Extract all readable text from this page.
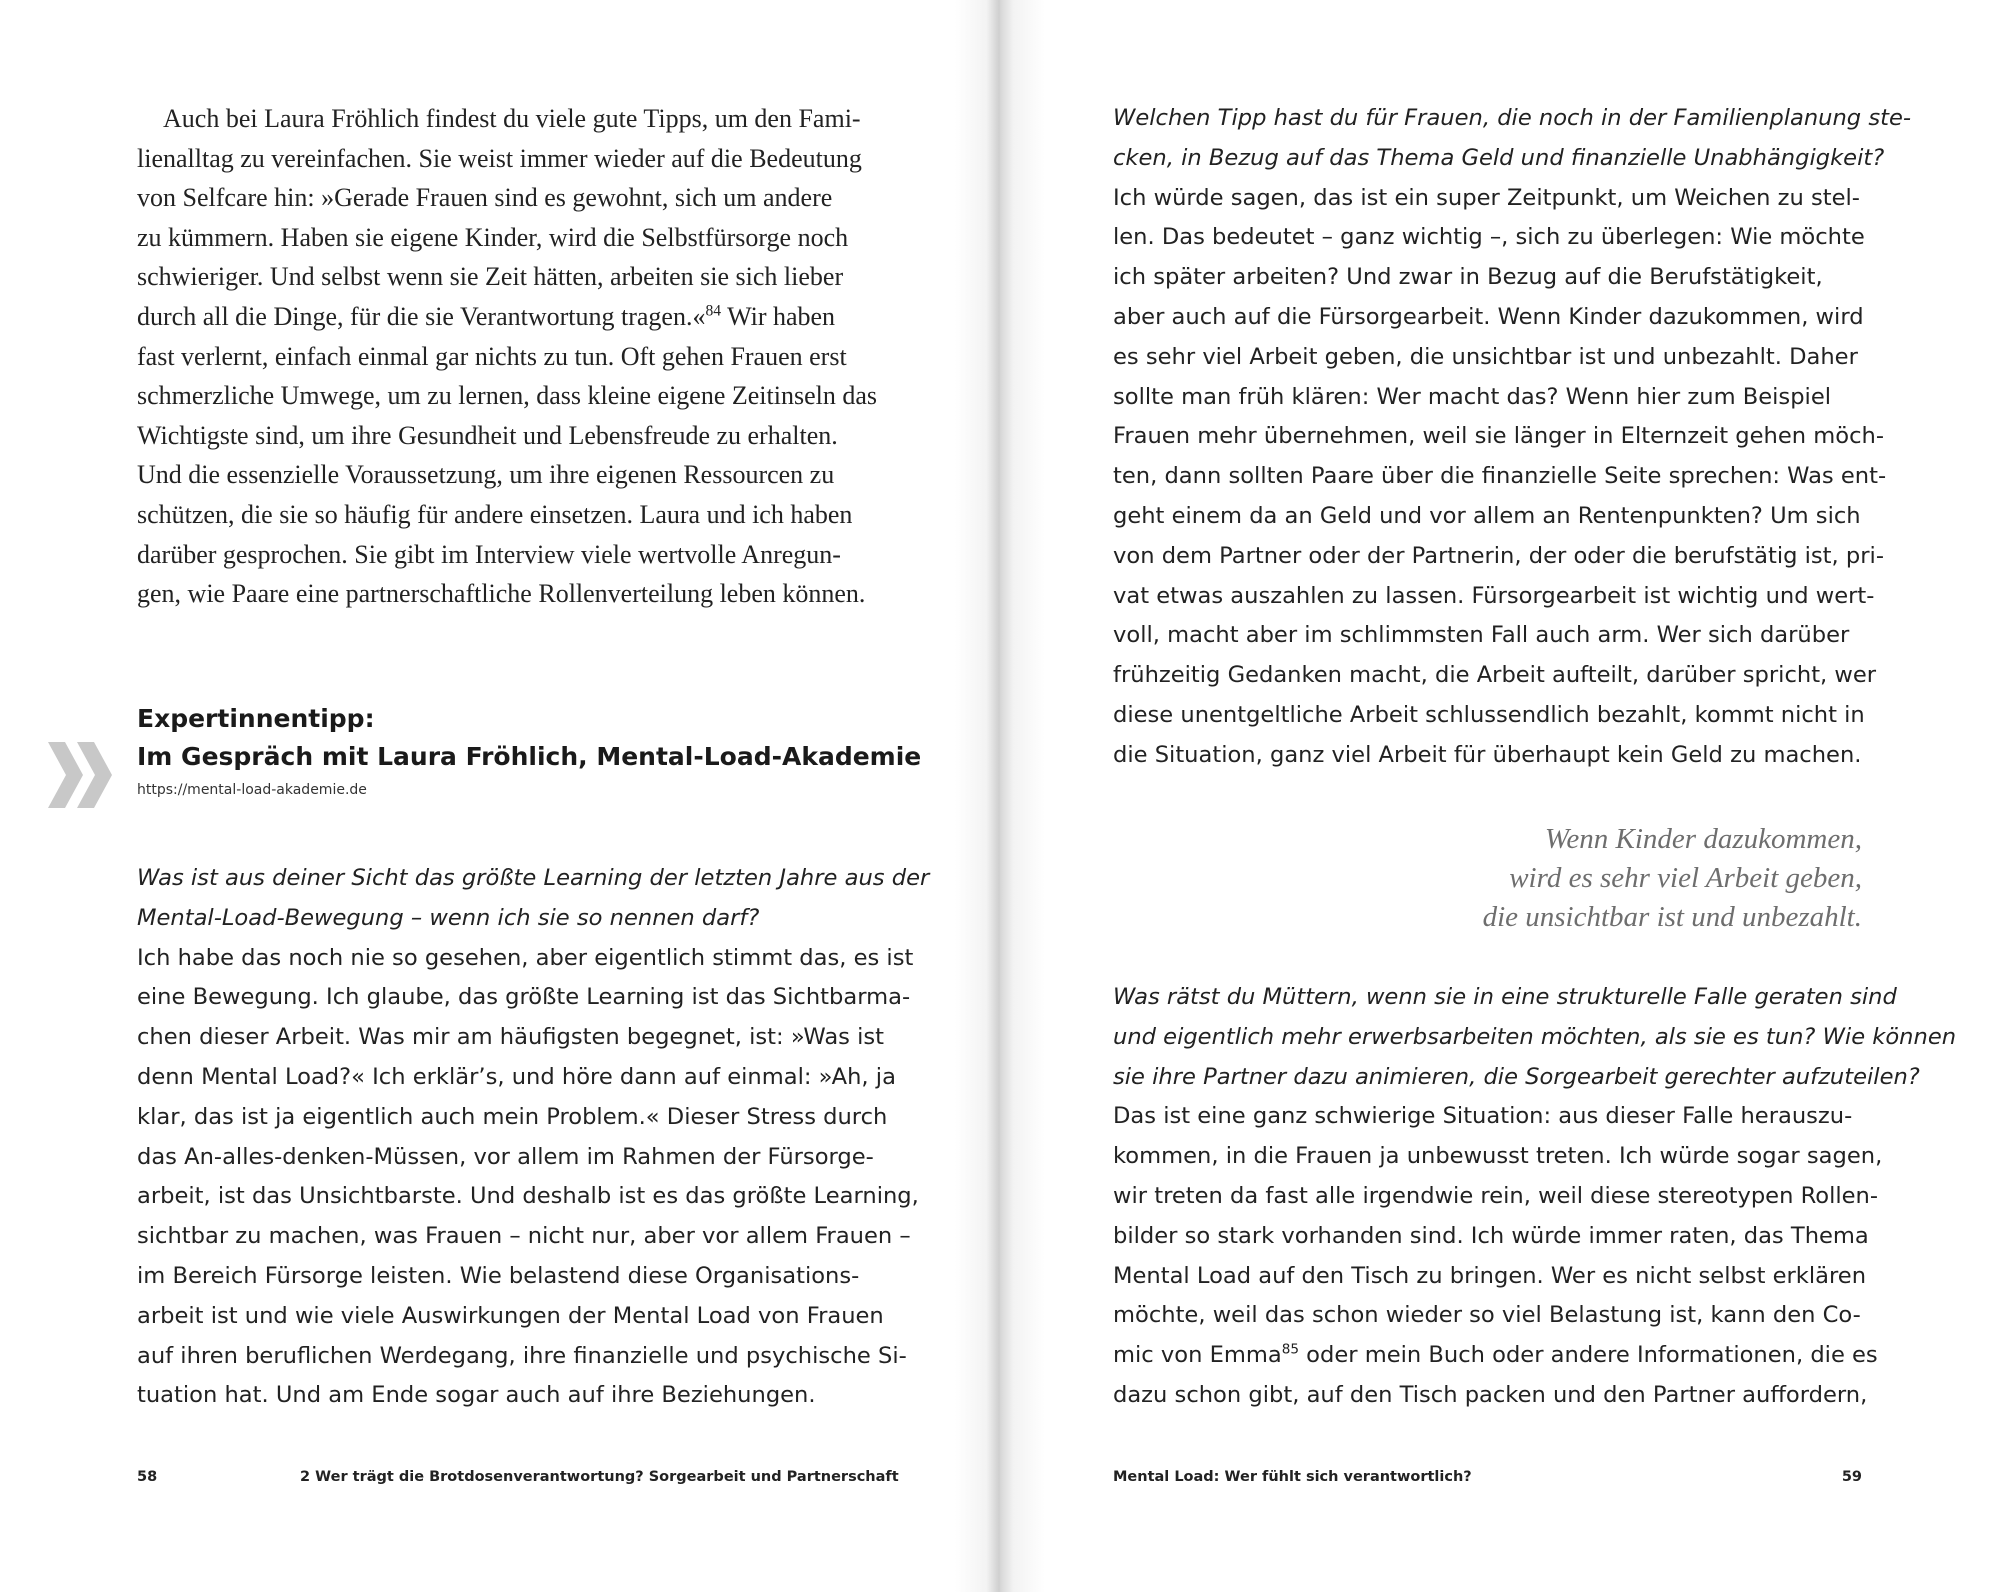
Auch bei Laura Fröhlich findest du viele gute Tipps, um den Fami-
lienalltag zu vereinfachen. Sie weist immer wieder auf die Bedeutung
von Selfcare hin: »Gerade Frauen sind es gewohnt, sich um andere
zu kümmern. Haben sie eigene Kinder, wird die Selbstfürsorge noch
schwieriger. Und selbst wenn sie Zeit hätten, arbeiten sie sich lieber
durch all die Dinge, für die sie Verantwortung tragen.«$^{84}$ Wir haben
fast verlernt, einfach einmal gar nichts zu tun. Oft gehen Frauen erst
schmerzliche Umwege, um zu lernen, dass kleine eigene Zeitinseln das
Wichtigste sind, um ihre Gesundheit und Lebensfreude zu erhalten.
Und die essenzielle Voraussetzung, um ihre eigenen Ressourcen zu
schützen, die sie so häufig für andere einsetzen. Laura und ich haben
darüber gesprochen. Sie gibt im Interview viele wertvolle Anregun-
gen, wie Paare eine partnerschaftliche Rollenverteilung leben können.
Expertinnentipp:
Im Gespräch mit Laura Fröhlich, Mental-Load-Akademie
https://mental-load-akademie.de
Was ist aus deiner Sicht das größte Learning der letzten Jahre aus der
Mental-Load-Bewegung – wenn ich sie so nennen darf?
Ich habe das noch nie so gesehen, aber eigentlich stimmt das, es ist
eine Bewegung. Ich glaube, das größte Learning ist das Sichtbarma-
chen dieser Arbeit. Was mir am häufigsten begegnet, ist: »Was ist
denn Mental Load?« Ich erklär’s, und höre dann auf einmal: »Ah, ja
klar, das ist ja eigentlich auch mein Problem.« Dieser Stress durch
das An-alles-denken-Müssen, vor allem im Rahmen der Fürsorge-
arbeit, ist das Unsichtbarste. Und deshalb ist es das größte Learning,
sichtbar zu machen, was Frauen – nicht nur, aber vor allem Frauen –
im Bereich Fürsorge leisten. Wie belastend diese Organisations-
arbeit ist und wie viele Auswirkungen der Mental Load von Frauen
auf ihren beruflichen Werdegang, ihre finanzielle und psychische Si-
tuation hat. Und am Ende sogar auch auf ihre Beziehungen.
58	2 Wer trägt die Brotdosenverantwortung? Sorgearbeit und Partnerschaft
Welchen Tipp hast du für Frauen, die noch in der Familienplanung ste-
cken, in Bezug auf das Thema Geld und finanzielle Unabhängigkeit?
Ich würde sagen, das ist ein super Zeitpunkt, um Weichen zu stel-
len. Das bedeutet – ganz wichtig –, sich zu überlegen: Wie möchte
ich später arbeiten? Und zwar in Bezug auf die Berufstätigkeit,
aber auch auf die Fürsorgearbeit. Wenn Kinder dazukommen, wird
es sehr viel Arbeit geben, die unsichtbar ist und unbezahlt. Daher
sollte man früh klären: Wer macht das? Wenn hier zum Beispiel
Frauen mehr übernehmen, weil sie länger in Elternzeit gehen möch-
ten, dann sollten Paare über die finanzielle Seite sprechen: Was ent-
geht einem da an Geld und vor allem an Rentenpunkten? Um sich
von dem Partner oder der Partnerin, der oder die berufstätig ist, pri-
vat etwas auszahlen zu lassen. Fürsorgearbeit ist wichtig und wert-
voll, macht aber im schlimmsten Fall auch arm. Wer sich darüber
frühzeitig Gedanken macht, die Arbeit aufteilt, darüber spricht, wer
diese unentgeltliche Arbeit schlussendlich bezahlt, kommt nicht in
die Situation, ganz viel Arbeit für überhaupt kein Geld zu machen.
Wenn Kinder dazukommen,
wird es sehr viel Arbeit geben,
die unsichtbar ist und unbezahlt.
Was rätst du Müttern, wenn sie in eine strukturelle Falle geraten sind
und eigentlich mehr erwerbsarbeiten möchten, als sie es tun? Wie können
sie ihre Partner dazu animieren, die Sorgearbeit gerechter aufzuteilen?
Das ist eine ganz schwierige Situation: aus dieser Falle herauszu-
kommen, in die Frauen ja unbewusst treten. Ich würde sogar sagen,
wir treten da fast alle irgendwie rein, weil diese stereotypen Rollen-
bilder so stark vorhanden sind. Ich würde immer raten, das Thema
Mental Load auf den Tisch zu bringen. Wer es nicht selbst erklären
möchte, weil das schon wieder so viel Belastung ist, kann den Co-
mic von Emma$^{85}$ oder mein Buch oder andere Informationen, die es
dazu schon gibt, auf den Tisch packen und den Partner auffordern,
Mental Load: Wer fühlt sich verantwortlich?	59
